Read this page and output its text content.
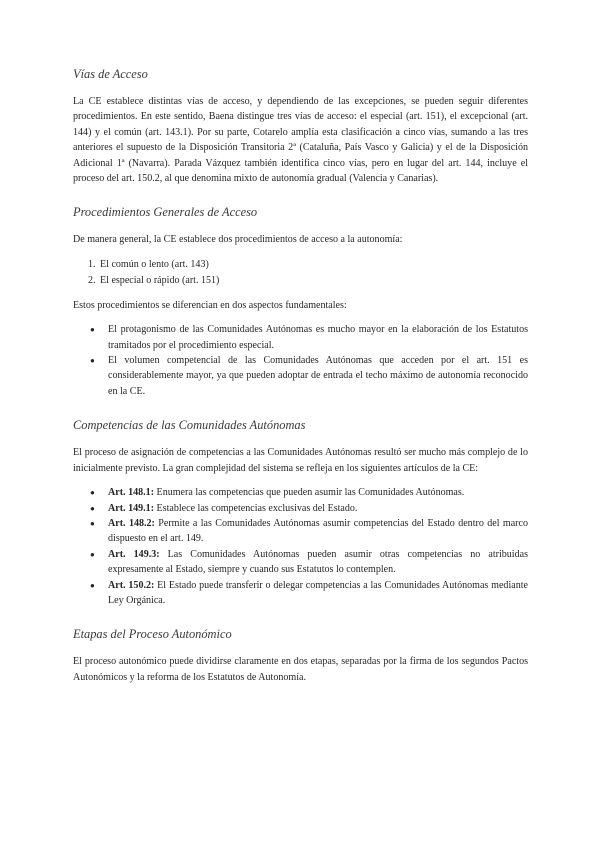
Vías de Acceso

La CE establece distintas vías de acceso, y dependiendo de las excepciones, se pueden seguir diferentes procedimientos. En este sentido, Baena distingue tres vías de acceso: el especial (art. 151), el excepcional (art. 144) y el común (art. 143.1). Por su parte, Cotarelo amplía esta clasificación a cinco vías, sumando a las tres anteriores el supuesto de la Disposición Transitoria 2ª (Cataluña, País Vasco y Galicia) y el de la Disposición Adicional 1ª (Navarra). Parada Vázquez también identifica cinco vías, pero en lugar del art. 144, incluye el proceso del art. 150.2, al que denomina mixto de autonomía gradual (Valencia y Canarias).

Procedimientos Generales de Acceso

De manera general, la CE establece dos procedimientos de acceso a la autonomía:

1. El común o lento (art. 143)
2. El especial o rápido (art. 151)

Estos procedimientos se diferencian en dos aspectos fundamentales:

● El protagonismo de las Comunidades Autónomas es mucho mayor en la elaboración de los Estatutos tramitados por el procedimiento especial.
● El volumen competencial de las Comunidades Autónomas que acceden por el art. 151 es considerablemente mayor, ya que pueden adoptar de entrada el techo máximo de autonomía reconocido en la CE.
Competencias de las Comunidades Autónomas

El proceso de asignación de competencias a las Comunidades Autónomas resultó ser mucho más complejo de lo inicialmente previsto. La gran complejidad del sistema se refleja en los siguientes artículos de la CE:

● Art. 148.1: Enumera las competencias que pueden asumir las Comunidades Autónomas.
● Art. 149.1: Establece las competencias exclusivas del Estado.
● Art. 148.2: Permite a las Comunidades Autónomas asumir competencias del Estado dentro del marco dispuesto en el art. 149.
● Art. 149.3: Las Comunidades Autónomas pueden asumir otras competencias no atribuidas expresamente al Estado, siempre y cuando sus Estatutos lo contemplen.
● Art. 150.2: El Estado puede transferir o delegar competencias a las Comunidades Autónomas mediante Ley Orgánica.
Etapas del Proceso Autonómico

El proceso autonómico puede dividirse claramente en dos etapas, separadas por la firma de los segundos Pactos Autonómicos y la reforma de los Estatutos de Autonomía.
